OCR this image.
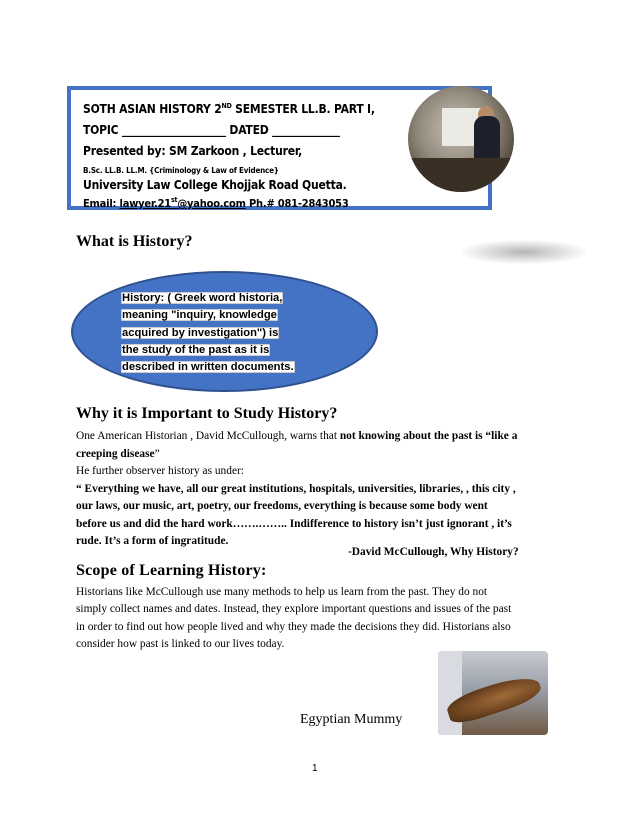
SOTH ASIAN HISTORY 2ND SEMESTER LL.B. PART I,
TOPIC ____________________ DATED _____________
Presented by: SM Zarkoon , Lecturer,
B.Sc. LL.B. LL.M. {Criminology & Law of Evidence}
University Law College Khojjak Road Quetta.
Email: lawyer.21st@yahoo.com Ph.# 081-2843053
What is History?
History: ( Greek word historia,
meaning "inquiry, knowledge
acquired by investigation") is
the study of the past as it is
described in written documents.
Why it is Important to Study History?
One American Historian , David McCullough, warns that not knowing about the past is “like a
creeping disease”
He further observer history as under:
“ Everything we have, all our great institutions, hospitals, universities, libraries, , this city ,
our laws, our music, art, poetry, our freedoms, everything is because some body went
before us and did the hard work…….…….. Indifference to history isn’t just ignorant , it’s
rude. It’s a form of ingratitude.
-David McCullough, Why History?
Scope of Learning History:
Historians like McCullough use many methods to help us learn from the past. They do not
simply collect names and dates. Instead, they explore important questions and issues of the past
in order to find out how people lived and why they made the decisions they did. Historians also
consider how past is linked to our lives today.
Egyptian Mummy
1
